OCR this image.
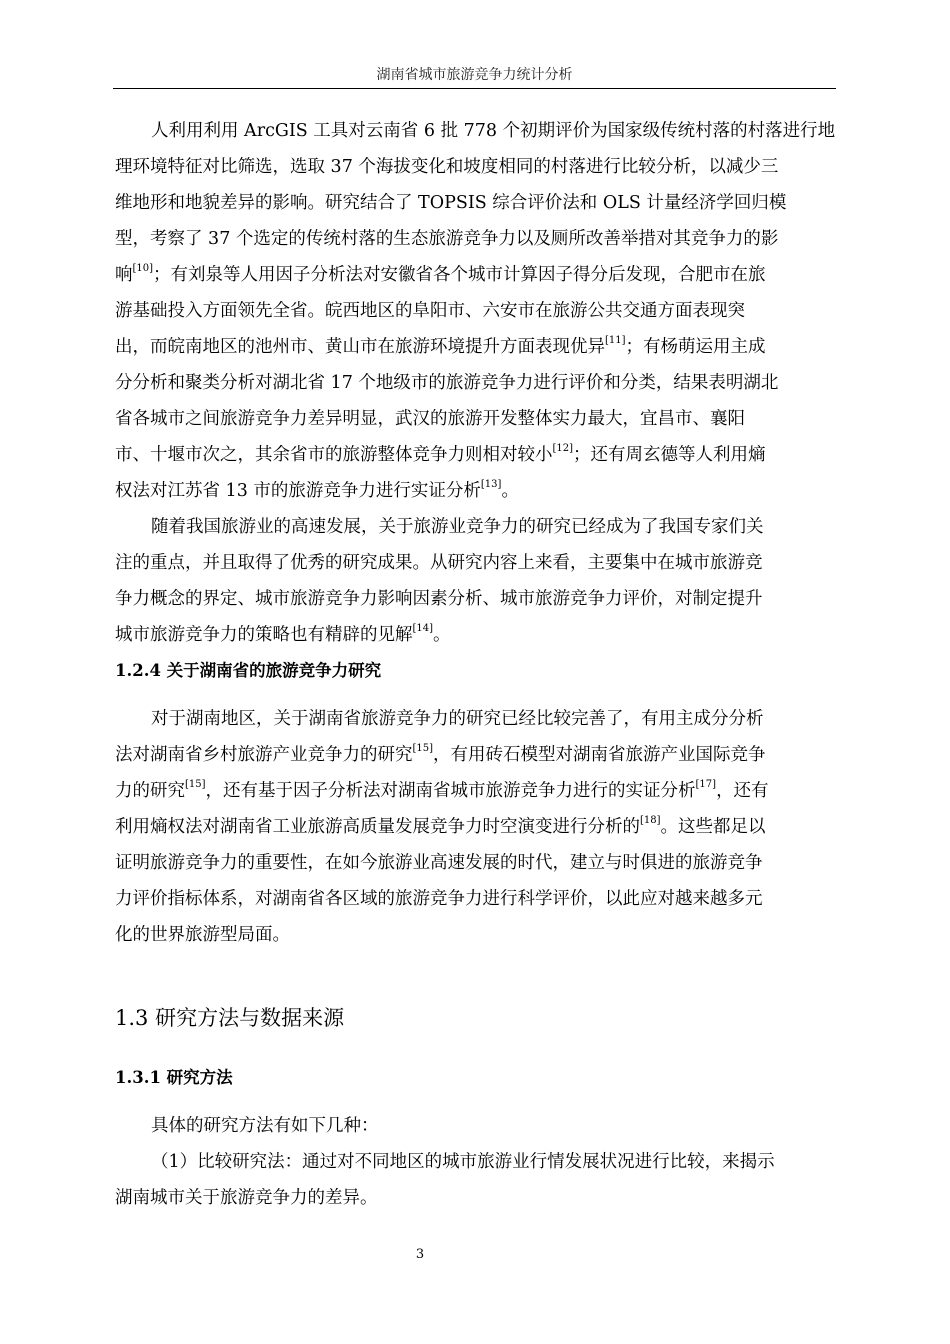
湖南省城市旅游竞争力统计分析
人利用利用 ArcGIS 工具对云南省 6 批 778 个初期评价为国家级传统村落的村落进行地
理环境特征对比筛选，选取 37 个海拔变化和坡度相同的村落进行比较分析，以减少三
维地形和地貌差异的影响。研究结合了 TOPSIS 综合评价法和 OLS 计量经济学回归模
型，考察了 37 个选定的传统村落的生态旅游竞争力以及厕所改善举措对其竞争力的影
响[10]；有刘泉等人用因子分析法对安徽省各个城市计算因子得分后发现，合肥市在旅
游基础投入方面领先全省。皖西地区的阜阳市、六安市在旅游公共交通方面表现突
出，而皖南地区的池州市、黄山市在旅游环境提升方面表现优异[11]；有杨萌运用主成
分分析和聚类分析对湖北省 17 个地级市的旅游竞争力进行评价和分类，结果表明湖北
省各城市之间旅游竞争力差异明显，武汉的旅游开发整体实力最大，宜昌市、襄阳
市、十堰市次之，其余省市的旅游整体竞争力则相对较小[12]；还有周玄德等人利用熵
权法对江苏省 13 市的旅游竞争力进行实证分析[13]。
随着我国旅游业的高速发展，关于旅游业竞争力的研究已经成为了我国专家们关
注的重点，并且取得了优秀的研究成果。从研究内容上来看，主要集中在城市旅游竞
争力概念的界定、城市旅游竞争力影响因素分析、城市旅游竞争力评价，对制定提升
城市旅游竞争力的策略也有精辟的见解[14]。
1.2.4 关于湖南省的旅游竞争力研究
对于湖南地区，关于湖南省旅游竞争力的研究已经比较完善了，有用主成分分析
法对湖南省乡村旅游产业竞争力的研究[15]，有用砖石模型对湖南省旅游产业国际竞争
力的研究[15]，还有基于因子分析法对湖南省城市旅游竞争力进行的实证分析[17]，还有
利用熵权法对湖南省工业旅游高质量发展竞争力时空演变进行分析的[18]。这些都足以
证明旅游竞争力的重要性，在如今旅游业高速发展的时代，建立与时俱进的旅游竞争
力评价指标体系，对湖南省各区域的旅游竞争力进行科学评价，以此应对越来越多元
化的世界旅游型局面。
1.3 研究方法与数据来源
1.3.1 研究方法
具体的研究方法有如下几种：
（1）比较研究法：通过对不同地区的城市旅游业行情发展状况进行比较，来揭示
湖南城市关于旅游竞争力的差异。
3
